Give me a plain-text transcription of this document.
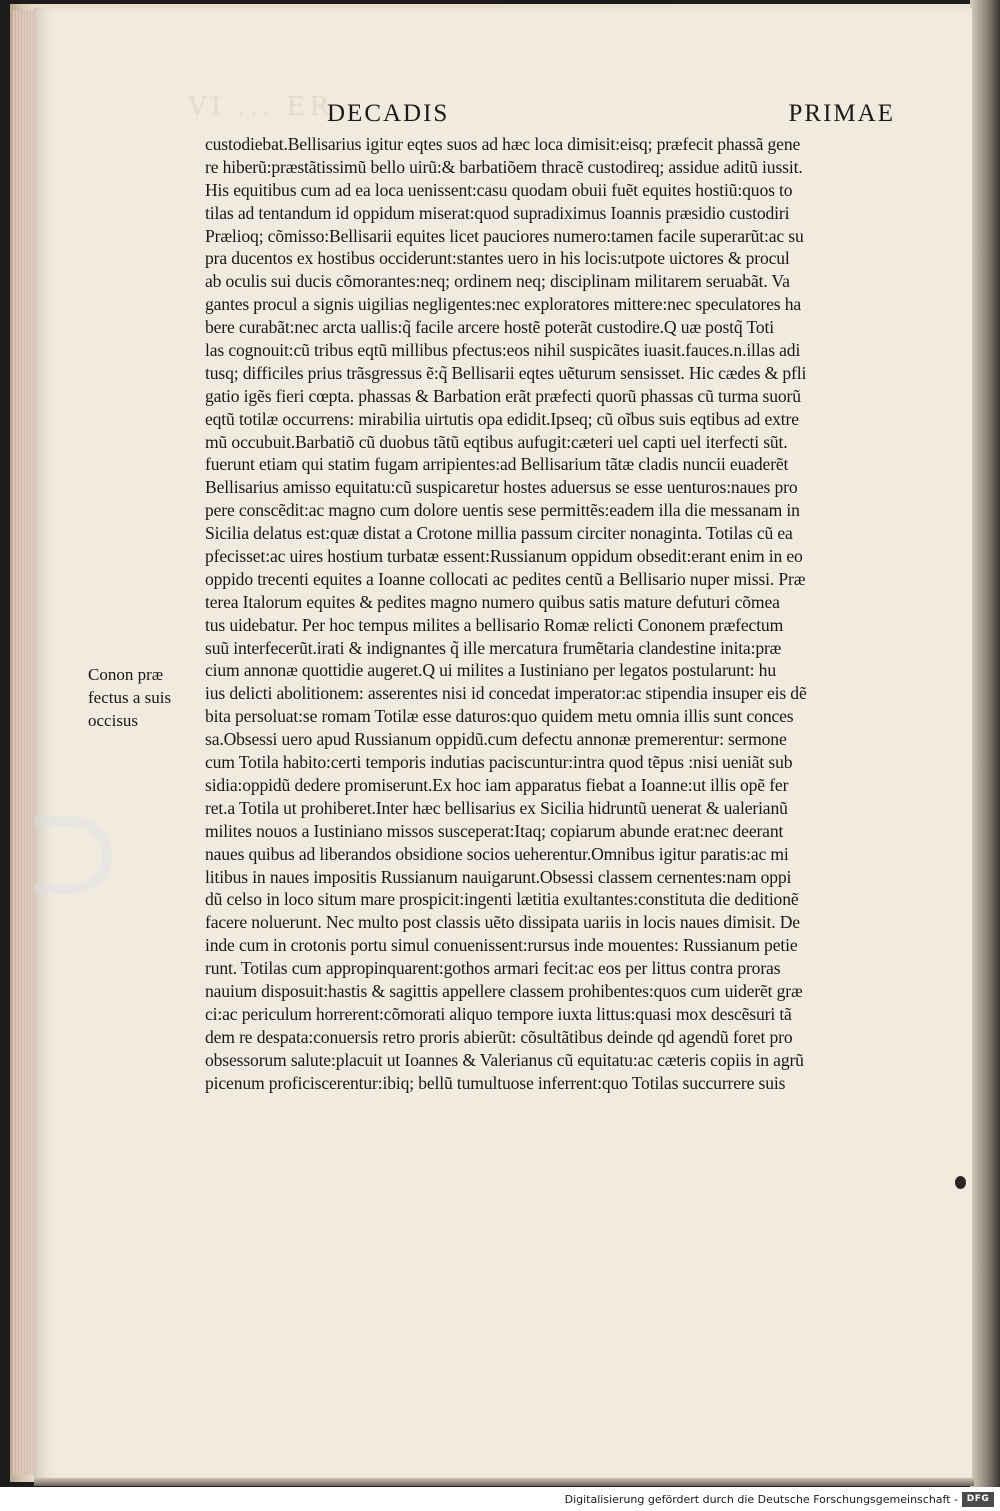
VI ... ER
DECADIS	PRIMAE
custodiebat.Bellisarius igitur eqtes suos ad hæc loca dimisit:eisq; præfecit phassã gene
re hiberũ:præstãtissimũ bello uirũ:& barbatiõem thracẽ custodireq; assidue aditũ iussit.
His equitibus cum ad ea loca uenissent:casu quodam obuii fuẽt equites hostiũ:quos to
tilas ad tentandum id oppidum miserat:quod supradiximus Ioannis præsidio custodiri
Prælioq; cõmisso:Bellisarii equites licet pauciores numero:tamen facile superarũt:ac su
pra ducentos ex hostibus occiderunt:stantes uero in his locis:utpote uictores & procul
ab oculis sui ducis cõmorantes:neq; ordinem neq; disciplinam militarem seruabãt. Va
gantes procul a signis uigilias negligentes:nec exploratores mittere:nec speculatores ha
bere curabãt:nec arcta uallis:q̃ facile arcere hostẽ poterãt custodire.Q uæ postq̃ Toti
las cognouit:cũ tribus eqtũ millibus pfectus:eos nihil suspicãtes iuasit.fauces.n.illas adi
tusq; difficiles prius trãsgressus ẽ:q̃ Bellisarii eqtes uẽturum sensisset. Hic cædes & pfli
gatio igẽs fieri cœpta. phassas & Barbation erãt præfecti quorũ phassas cũ turma suorũ
eqtũ totilæ occurrens: mirabilia uirtutis opa edidit.Ipseq; cũ oĩbus suis eqtibus ad extre
mũ occubuit.Barbatiõ cũ duobus tãtũ eqtibus aufugit:cæteri uel capti uel iterfecti sũt.
fuerunt etiam qui statim fugam arripientes:ad Bellisarium tãtæ cladis nuncii euaderẽt
Bellisarius amisso equitatu:cũ suspicaretur hostes aduersus se esse uenturos:naues pro
pere conscẽdit:ac magno cum dolore uentis sese permittẽs:eadem illa die messanam in
Sicilia delatus est:quæ distat a Crotone millia passum circiter nonaginta. Totilas cũ ea
pfecisset:ac uires hostium turbatæ essent:Russianum oppidum obsedit:erant enim in eo
oppido trecenti equites a Ioanne collocati ac pedites centũ a Bellisario nuper missi. Præ
terea Italorum equites & pedites magno numero quibus satis mature defuturi cõmea
tus uidebatur. Per hoc tempus milites a bellisario Romæ relicti Cononem præfectum
suũ interfecerũt.irati & indignantes q̃ ille mercatura frumẽtaria clandestine inita:præ
cium annonæ quottidie augeret.Q ui milites a Iustiniano per legatos postularunt: hu
ius delicti abolitionem: asserentes nisi id concedat imperator:ac stipendia insuper eis dẽ
bita persoluat:se romam Totilæ esse daturos:quo quidem metu omnia illis sunt conces
sa.Obsessi uero apud Russianum oppidũ.cum defectu annonæ premerentur: sermone
cum Totila habito:certi temporis indutias paciscuntur:intra quod tẽpus :nisi ueniãt sub
sidia:oppidũ dedere promiserunt.Ex hoc iam apparatus fiebat a Ioanne:ut illis opẽ fer
ret.a Totila ut prohiberet.Inter hæc bellisarius ex Sicilia hidruntũ uenerat & ualerianũ
milites nouos a Iustiniano missos susceperat:Itaq; copiarum abunde erat:nec deerant
naues quibus ad liberandos obsidione socios ueherentur.Omnibus igitur paratis:ac mi
litibus in naues impositis Russianum nauigarunt.Obsessi classem cernentes:nam oppi
dũ celso in loco situm mare prospicit:ingenti lætitia exultantes:constituta die deditionẽ
facere noluerunt. Nec multo post classis uẽto dissipata uariis in locis naues dimisit. De
inde cum in crotonis portu simul conuenissent:rursus inde mouentes: Russianum petie
runt. Totilas cum appropinquarent:gothos armari fecit:ac eos per littus contra proras
nauium disposuit:hastis & sagittis appellere classem prohibentes:quos cum uiderẽt græ
ci:ac periculum horrerent:cõmorati aliquo tempore iuxta littus:quasi mox descẽsuri tã
dem re despata:conuersis retro proris abierũt: cõsultãtibus deinde qd agendũ foret pro
obsessorum salute:placuit ut Ioannes & Valerianus cũ equitatu:ac cæteris copiis in agrũ
picenum proficiscerentur:ibiq; bellũ tumultuose inferrent:quo Totilas succurrere suis
Conon præ
fectus a suis
occisus
Digitalisierung gefördert durch die Deutsche Forschungsgemeinschaft - DFG
